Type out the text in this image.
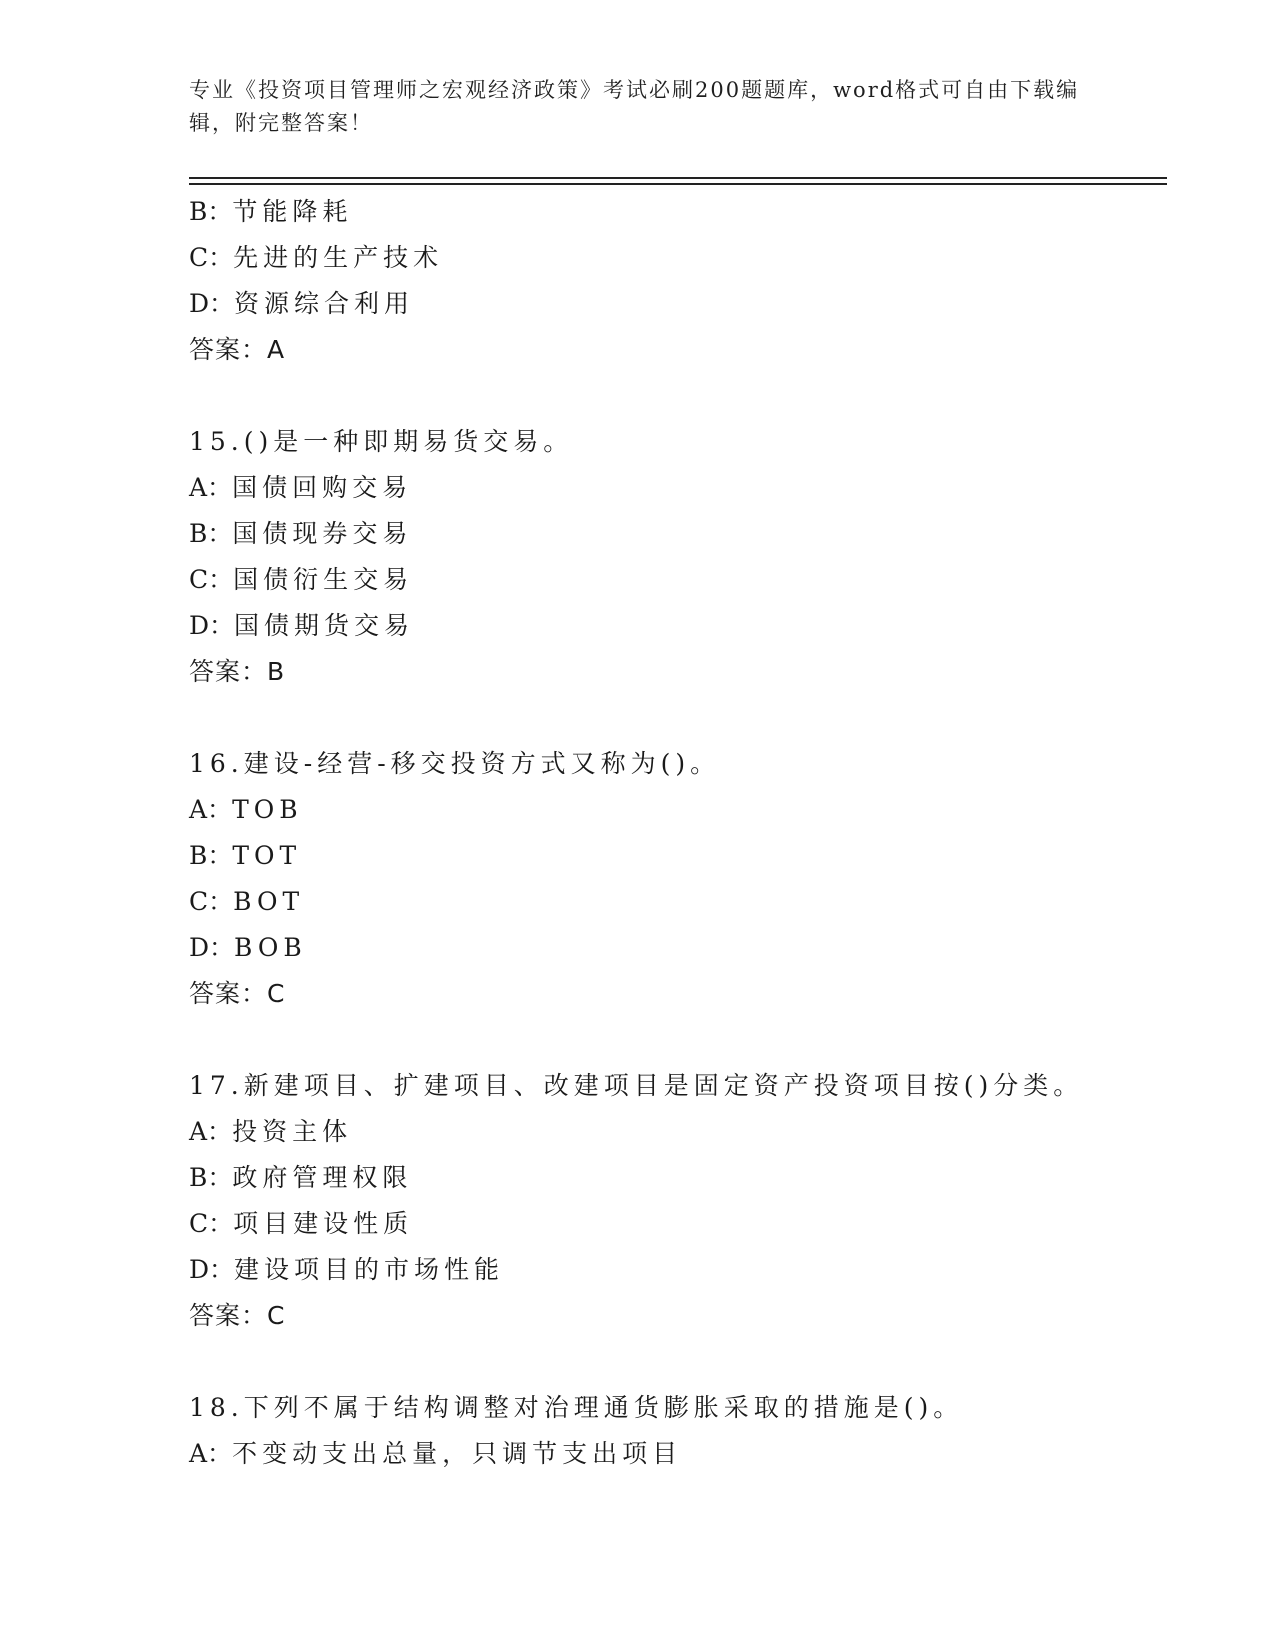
专业《投资项目管理师之宏观经济政策》考试必刷200题题库，word格式可自由下载编辑，附完整答案！
B：节能降耗
C：先进的生产技术
D：资源综合利用
答案：A
15.()是一种即期易货交易。
A：国债回购交易
B：国债现券交易
C：国债衍生交易
D：国债期货交易
答案：B
16.建设-经营-移交投资方式又称为()。
A：TOB
B：TOT
C：BOT
D：BOB
答案：C
17.新建项目、扩建项目、改建项目是固定资产投资项目按()分类。
A：投资主体
B：政府管理权限
C：项目建设性质
D：建设项目的市场性能
答案：C
18.下列不属于结构调整对治理通货膨胀采取的措施是()。
A：不变动支出总量，只调节支出项目
